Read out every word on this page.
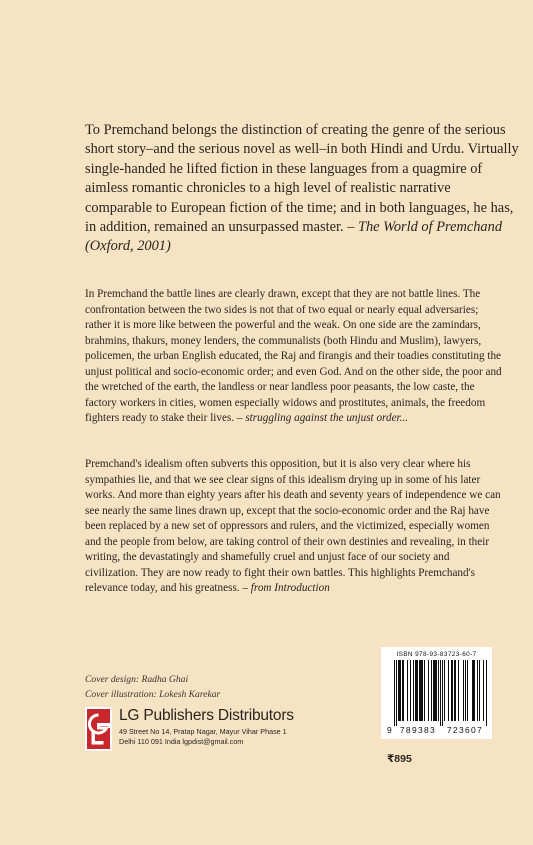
To Premchand belongs the distinction of creating the genre of the serious short story–and the serious novel as well–in both Hindi and Urdu. Virtually single-handed he lifted fiction in these languages from a quagmire of aimless romantic chronicles to a high level of realistic narrative comparable to European fiction of the time; and in both languages, he has, in addition, remained an unsurpassed master. – The World of Premchand (Oxford, 2001)
In Premchand the battle lines are clearly drawn, except that they are not battle lines. The confrontation between the two sides is not that of two equal or nearly equal adversaries; rather it is more like between the powerful and the weak. On one side are the zamindars, brahmins, thakurs, money lenders, the communalists (both Hindu and Muslim), lawyers, policemen, the urban English educated, the Raj and firangis and their toadies constituting the unjust political and socio-economic order; and even God. And on the other side, the poor and the wretched of the earth, the landless or near landless poor peasants, the low caste, the factory workers in cities, women especially widows and prostitutes, animals, the freedom fighters ready to stake their lives. – struggling against the unjust order...
Premchand's idealism often subverts this opposition, but it is also very clear where his sympathies lie, and that we see clear signs of this idealism drying up in some of his later works. And more than eighty years after his death and seventy years of independence we can see nearly the same lines drawn up, except that the socio-economic order and the Raj have been replaced by a new set of oppressors and rulers, and the victimized, especially women and the people from below, are taking control of their own destinies and revealing, in their writing, the devastatingly and shamefully cruel and unjust face of our society and civilization. They are now ready to fight their own battles. This highlights Premchand's relevance today, and his greatness. – from Introduction
Cover design: Radha Ghai
Cover illustration: Lokesh Karekar
LG Publishers Distributors
49 Street No 14, Pratap Nagar, Mayur Vihar Phase 1
Delhi 110 091 India lgpdist@gmail.com
ISBN 978-93-83723-60-7
9 789383 723607
₹895
